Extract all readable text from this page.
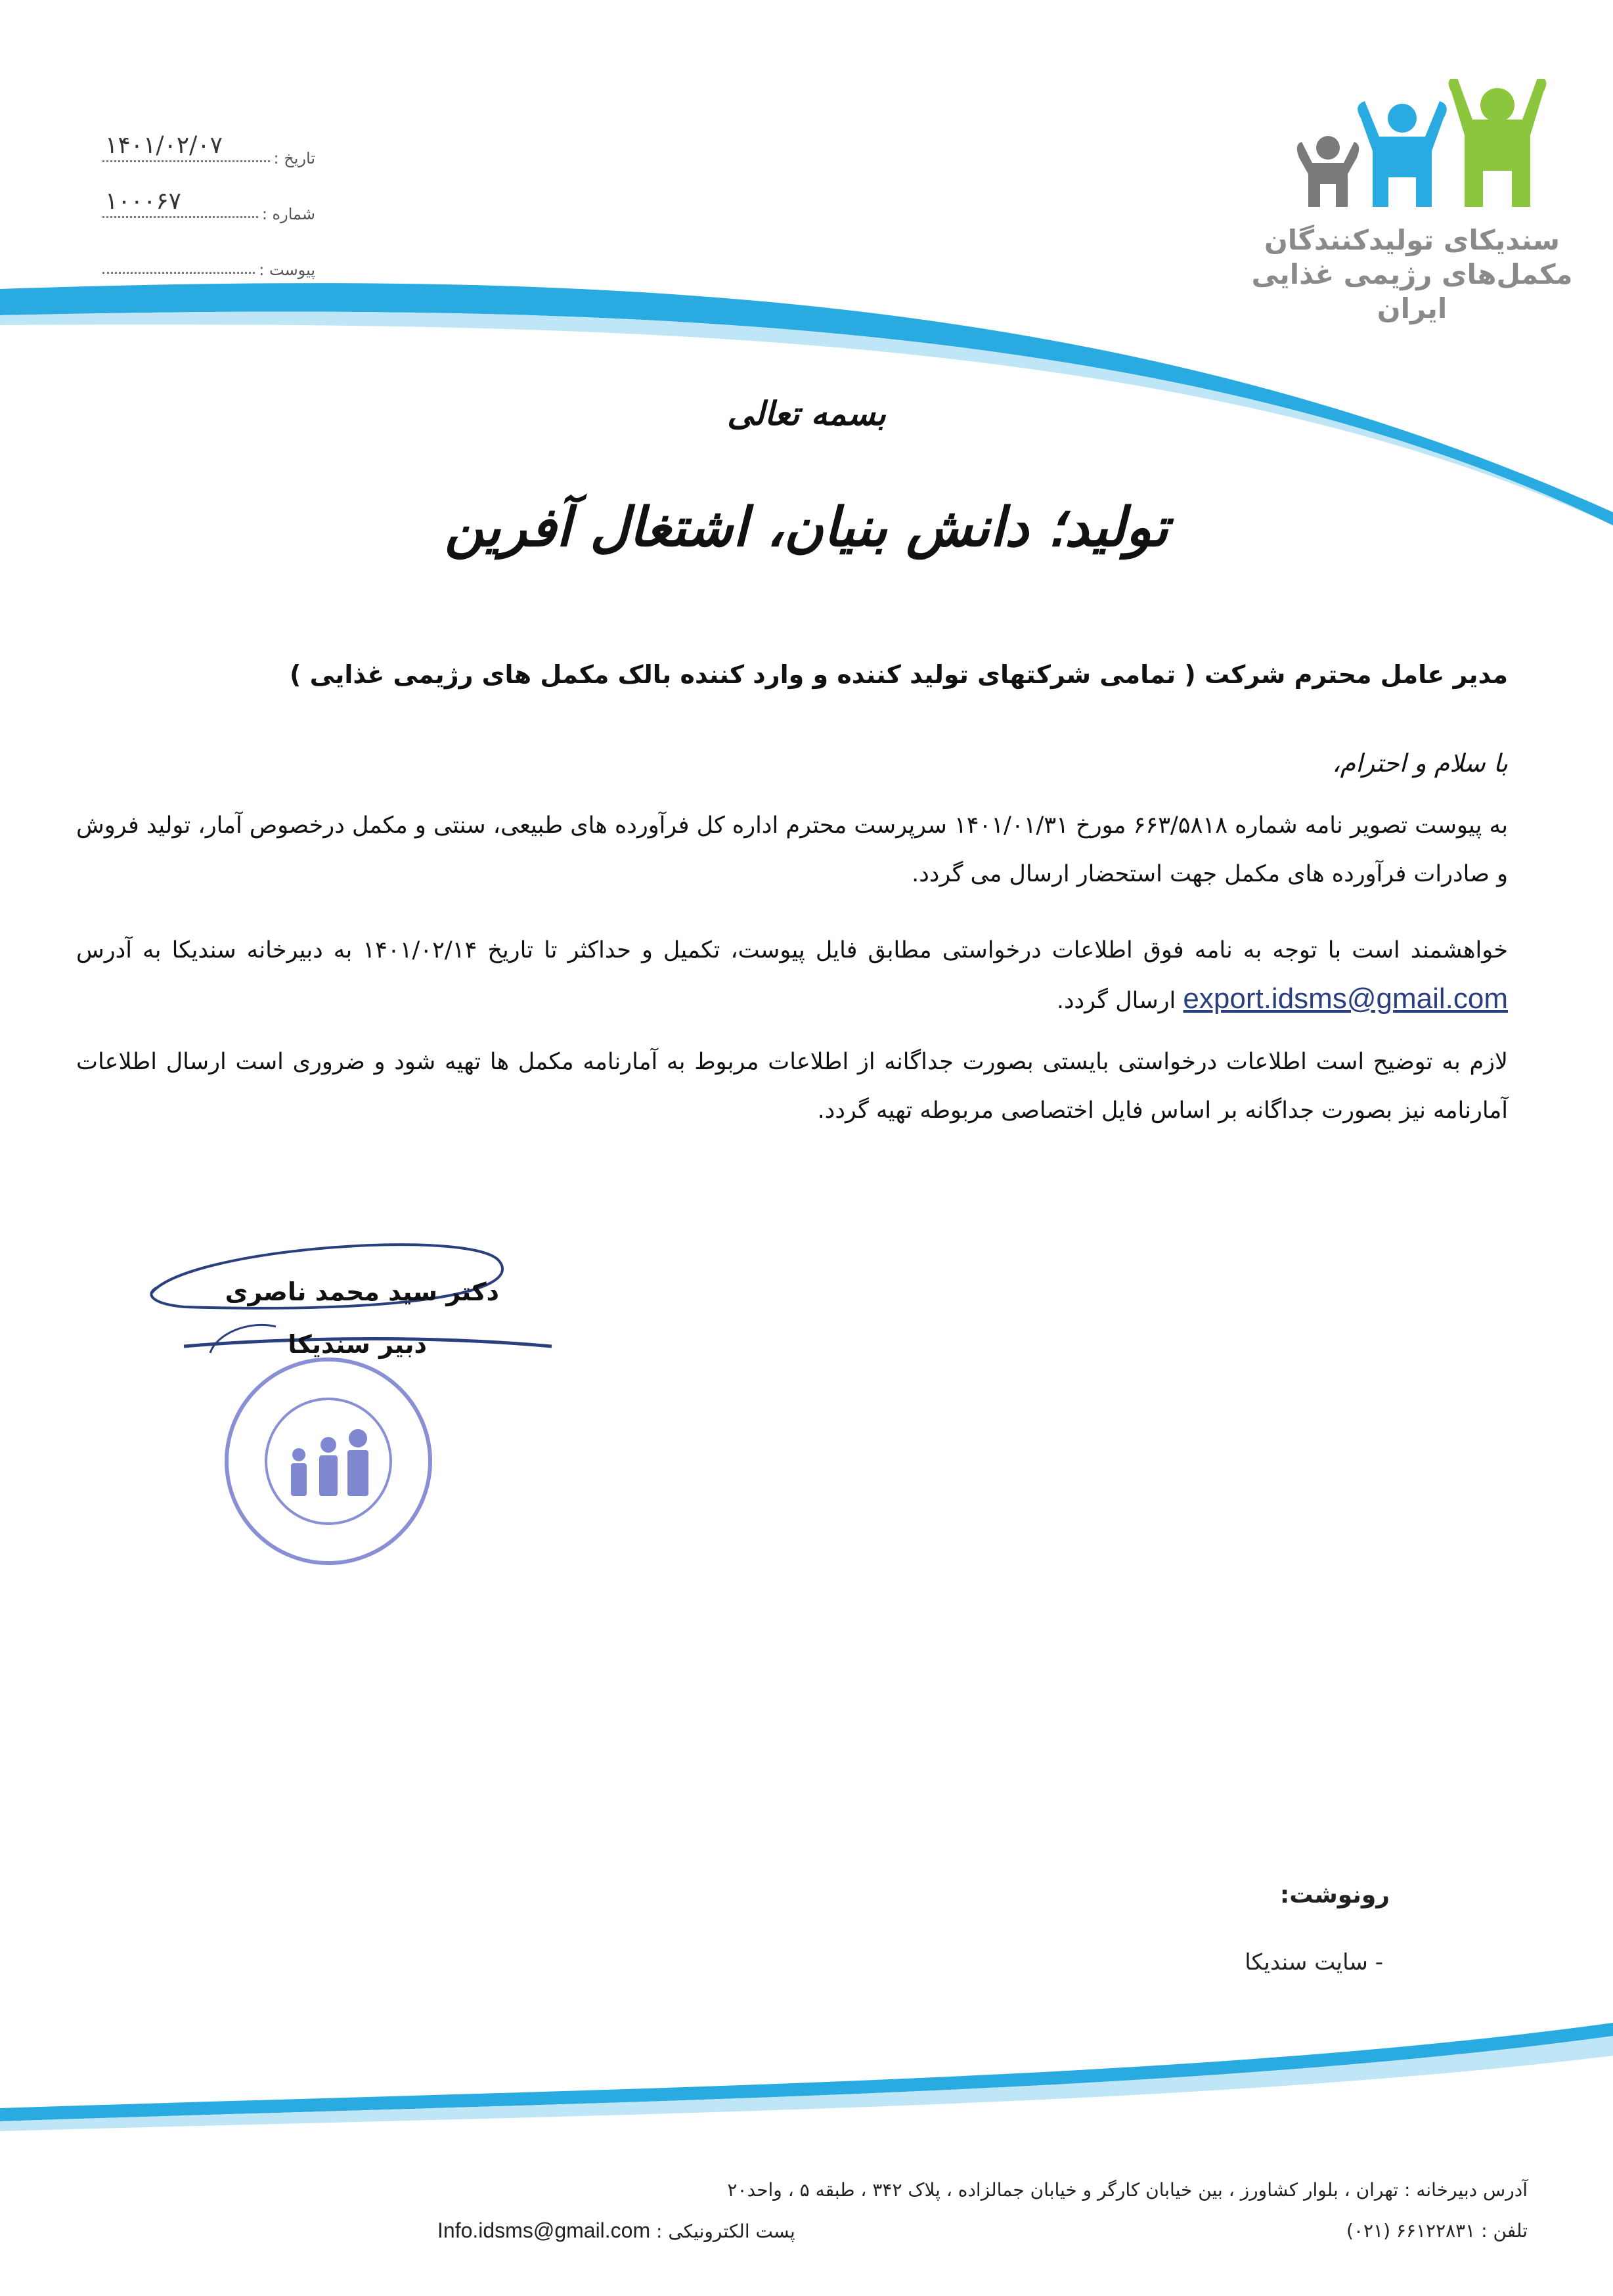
تاریخ :
۱۴۰۱/۰۲/۰۷
شماره :
۱۰۰۰۶۷
پیوست :
سندیکای تولیدکنندگان
مکمل‌های رژیمی غذایی
ایران
بسمه تعالی
تولید؛ دانش بنیان، اشتغال آفرین
مدیر عامل محترم شرکت ( تمامی شرکتهای تولید کننده و وارد کننده بالک مکمل های رژیمی غذایی )
با سلام و احترام،
به پیوست تصویر نامه شماره ۶۶۳/۵۸۱۸ مورخ ۱۴۰۱/۰۱/۳۱ سرپرست محترم اداره کل فرآورده های طبیعی، سنتی و مکمل درخصوص آمار، تولید فروش و صادرات فرآورده های مکمل جهت استحضار ارسال می گردد.
خواهشمند است با توجه به نامه فوق اطلاعات درخواستی مطابق فایل پیوست، تکمیل و حداکثر تا تاریخ ۱۴۰۱/۰۲/۱۴ به دبیرخانه سندیکا به آدرس export.idsms@gmail.com ارسال گردد.
لازم به توضیح است اطلاعات درخواستی بایستی بصورت جداگانه از اطلاعات مربوط به آمارنامه مکمل ها تهیه شود و ضروری است ارسال اطلاعات آمارنامه نیز بصورت جداگانه بر اساس فایل اختصاصی مربوطه تهیه گردد.
دکتر سید محمد ناصری
دبیر سندیکا
رونوشت:
- سایت سندیکا
آدرس دبیرخانه : تهران ، بلوار کشاورز ، بین خیابان کارگر و خیابان جمالزاده ، پلاک ۳۴۲ ، طبقه ۵ ، واحد۲۰
تلفن : ۶۶۱۲۲۸۳۱ (۰۲۱)
پست الکترونیکی : Info.idsms@gmail.com
